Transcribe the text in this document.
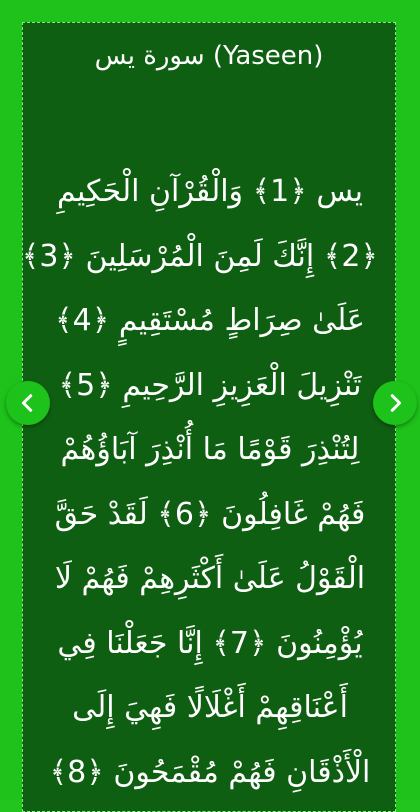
سورة يس (Yaseen)
يس ﴿1﴾ وَالْقُرْآنِ الْحَكِيمِ
﴿2﴾ إِنَّكَ لَمِنَ الْمُرْسَلِينَ ﴿3﴾
عَلَىٰ صِرَاطٍ مُسْتَقِيمٍ ﴿4﴾
تَنْزِيلَ الْعَزِيزِ الرَّحِيمِ ﴿5﴾
لِتُنْذِرَ قَوْمًا مَا أُنْذِرَ آبَاؤُهُمْ
فَهُمْ غَافِلُونَ ﴿6﴾ لَقَدْ حَقَّ
الْقَوْلُ عَلَىٰ أَكْثَرِهِمْ فَهُمْ لَا
يُؤْمِنُونَ ﴿7﴾ إِنَّا جَعَلْنَا فِي
أَعْنَاقِهِمْ أَغْلَالًا فَهِيَ إِلَى
الْأَذْقَانِ فَهُمْ مُقْمَحُونَ ﴿8﴾
